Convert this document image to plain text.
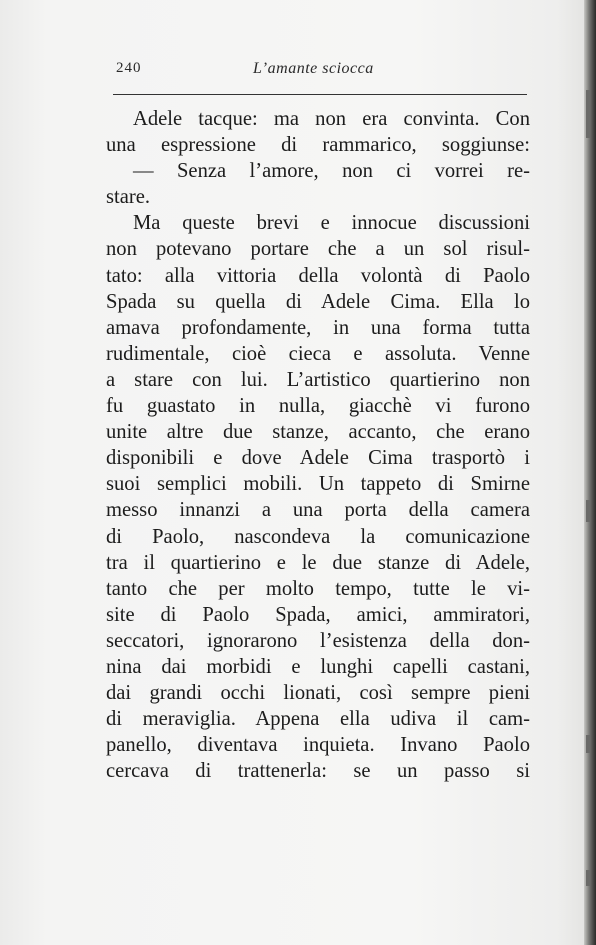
240	L’amante sciocca
Adele tacque: ma non era convinta. Con
una espressione di rammarico, soggiunse:
— Senza l’amore, non ci vorrei re-
stare.
Ma queste brevi e innocue discussioni
non potevano portare che a un sol risul-
tato: alla vittoria della volontà di Paolo
Spada su quella di Adele Cima. Ella lo
amava profondamente, in una forma tutta
rudimentale, cioè cieca e assoluta. Venne
a stare con lui. L’artistico quartierino non
fu guastato in nulla, giacchè vi furono
unite altre due stanze, accanto, che erano
disponibili e dove Adele Cima trasportò i
suoi semplici mobili. Un tappeto di Smirne
messo innanzi a una porta della camera
di Paolo, nascondeva la comunicazione
tra il quartierino e le due stanze di Adele,
tanto che per molto tempo, tutte le vi-
site di Paolo Spada, amici, ammiratori,
seccatori, ignorarono l’esistenza della don-
nina dai morbidi e lunghi capelli castani,
dai grandi occhi lionati, così sempre pieni
di meraviglia. Appena ella udiva il cam-
panello, diventava inquieta. Invano Paolo
cercava di trattenerla: se un passo si
